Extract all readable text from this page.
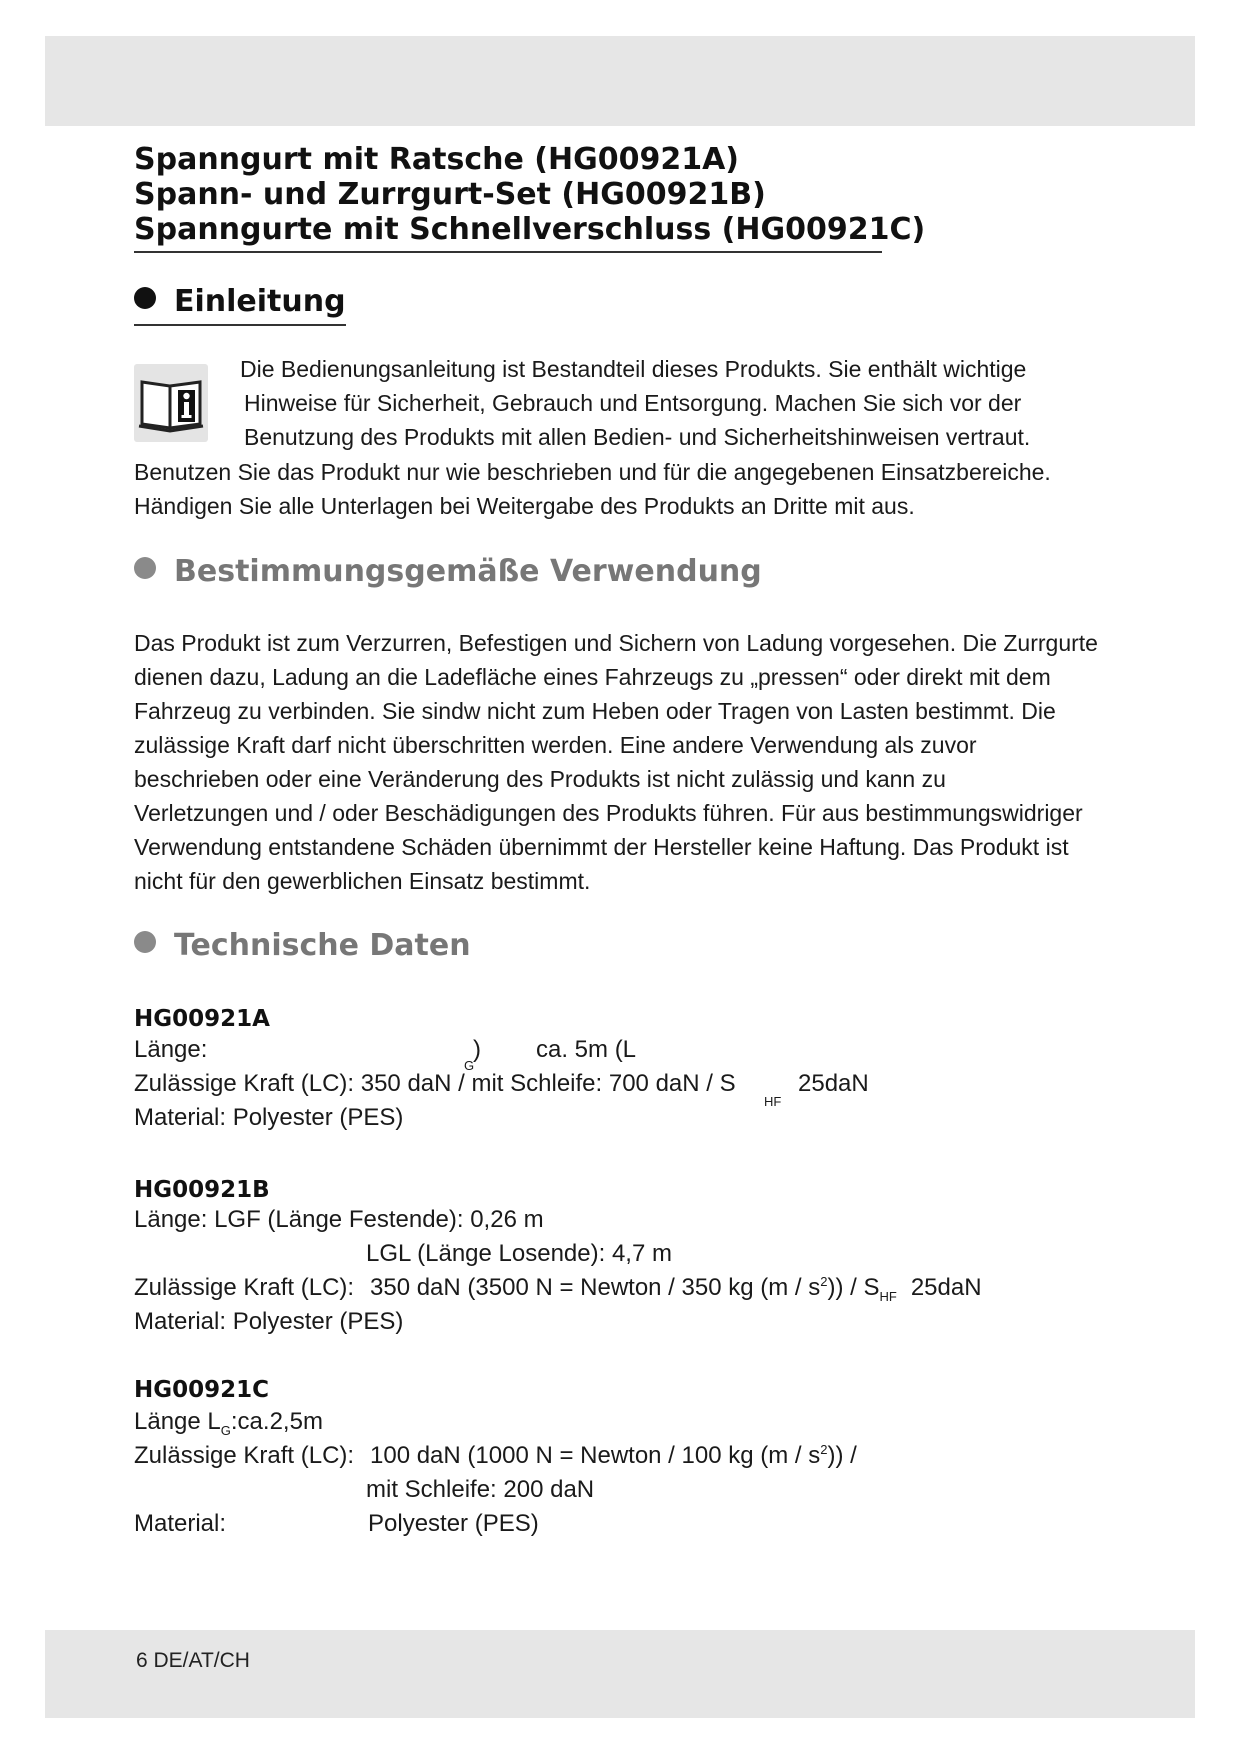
Spanngurt mit Ratsche (HG00921A)
Spann- und Zurrgurt-Set (HG00921B)
Spanngurte mit Schnellverschluss (HG00921C)
Einleitung
Die Bedienungsanleitung ist Bestandteil dieses Produkts. Sie enthält wichtige
Hinweise für Sicherheit, Gebrauch und Entsorgung. Machen Sie sich vor der
Benutzung des Produkts mit allen Bedien- und Sicherheitshinweisen vertraut.
Benutzen Sie das Produkt nur wie beschrieben und für die angegebenen Einsatzbereiche.
Händigen Sie alle Unterlagen bei Weitergabe des Produkts an Dritte mit aus.
Bestimmungsgemäße Verwendung
Das Produkt ist zum Verzurren, Befestigen und Sichern von Ladung vorgesehen. Die Zurrgurte
dienen dazu, Ladung an die Ladefläche eines Fahrzeugs zu „pressen“ oder direkt mit dem
Fahrzeug zu verbinden. Sie sindw nicht zum Heben oder Tragen von Lasten bestimmt. Die
zulässige Kraft darf nicht überschritten werden. Eine andere Verwendung als zuvor
beschrieben oder eine Veränderung des Produkts ist nicht zulässig und kann zu
Verletzungen und / oder Beschädigungen des Produkts führen. Für aus bestimmungswidriger
Verwendung entstandene Schäden übernimmt der Hersteller keine Haftung. Das Produkt ist
nicht für den gewerblichen Einsatz bestimmt.
Technische Daten
HG00921A
Länge:
G
) ca. 5m (L
Zulässige Kraft (LC): 350 daN / mit Schleife: 700 daN / S
HF
25daN
Material: Polyester (PES)
HG00921B
Länge: LGF (Länge Festende): 0,26 m
LGL (Länge Losende): 4,7 m
Zulässige Kraft (LC): 350 daN (3500 N = Newton / 350 kg $(m / s^2)) / S_{HF}$ 25daN
Material: Polyester (PES)
HG00921C
Länge $L_G:ca.2,5m$
Zulässige Kraft (LC): 100 daN (1000 N = Newton / 100 kg $(m / s^2)$) /
mit Schleife: 200 daN
Material:	Polyester (PES)
6 DE/AT/CH
